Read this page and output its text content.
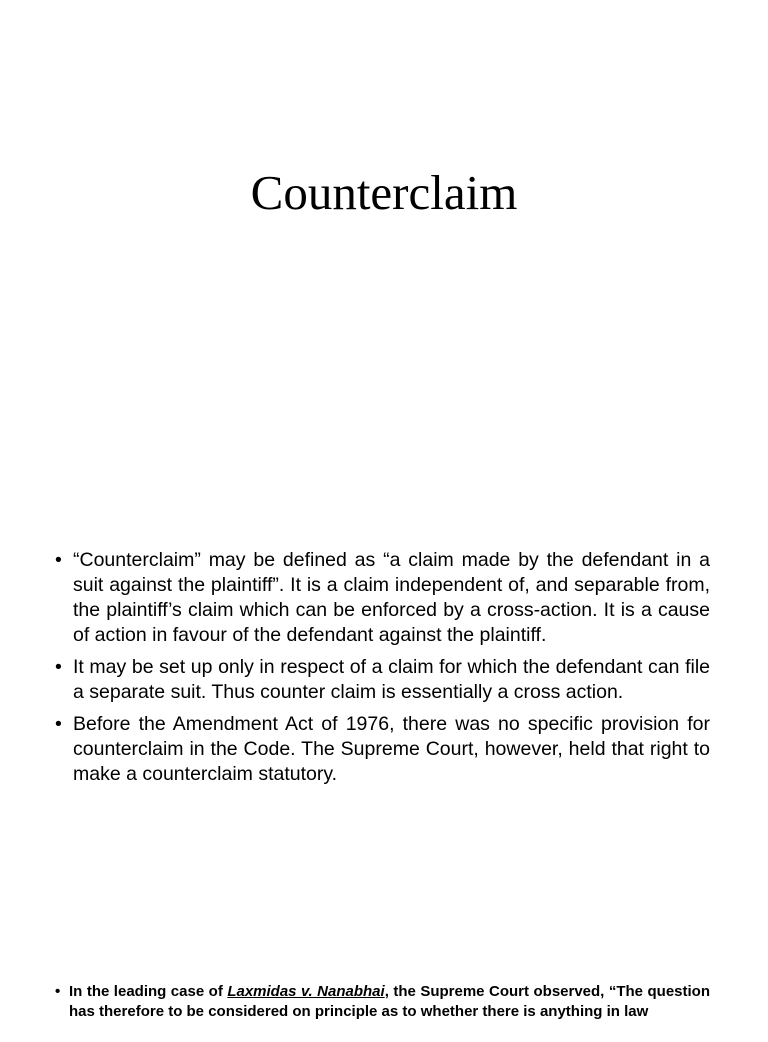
Counterclaim
• “Counterclaim” may be defined as “a claim made by the defendant in a suit against the plaintiff”. It is a claim independent of, and separable from, the plaintiff’s claim which can be enforced by a cross-action. It is a cause of action in favour of the defendant against the plaintiff.
• It may be set up only in respect of a claim for which the defendant can file a separate suit. Thus counter claim is essentially a cross action.
• Before the Amendment Act of 1976, there was no specific provision for counterclaim in the Code. The Supreme Court, however, held that right to make a counterclaim statutory.
• In the leading case of Laxmidas v. Nanabhai, the Supreme Court observed, “The question has therefore to be considered on principle as to whether there is anything in law
